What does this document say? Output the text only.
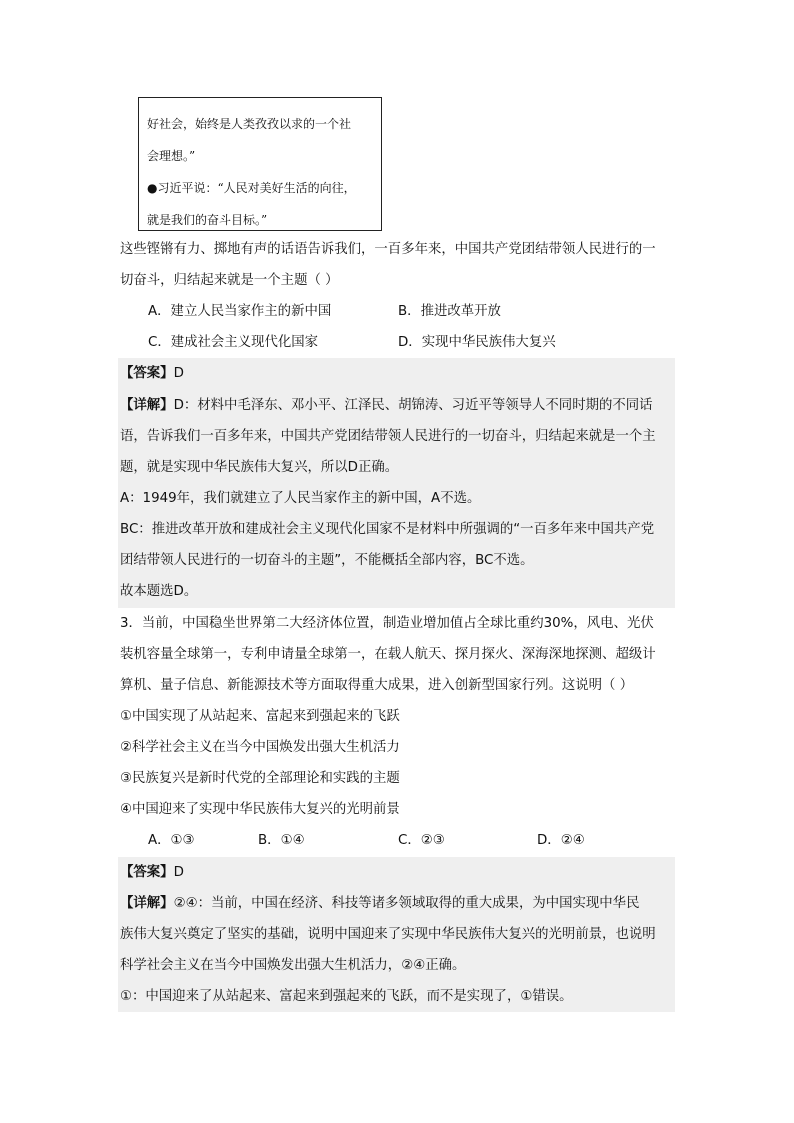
好社会，始终是人类孜孜以求的一个社
会理想。”
●习近平说：“人民对美好生活的向往，
就是我们的奋斗目标。”
这些铿锵有力、掷地有声的话语告诉我们，一百多年来，中国共产党团结带领人民进行的一
切奋斗，归结起来就是一个主题（ ）
A．建立人民当家作主的新中国	B．推进改革开放
C．建成社会主义现代化国家	D．实现中华民族伟大复兴
【答案】D
【详解】D：材料中毛泽东、邓小平、江泽民、胡锦涛、习近平等领导人不同时期的不同话
语，告诉我们一百多年来，中国共产党团结带领人民进行的一切奋斗，归结起来就是一个主
题，就是实现中华民族伟大复兴，所以D正确。
A：1949年，我们就建立了人民当家作主的新中国，A不选。
BC：推进改革开放和建成社会主义现代化国家不是材料中所强调的“一百多年来中国共产党
团结带领人民进行的一切奋斗的主题”，不能概括全部内容，BC不选。
故本题选D。
3．当前，中国稳坐世界第二大经济体位置，制造业增加值占全球比重约30%，风电、光伏
装机容量全球第一，专利申请量全球第一，在载人航天、探月探火、深海深地探测、超级计
算机、量子信息、新能源技术等方面取得重大成果，进入创新型国家行列。这说明（ ）
①中国实现了从站起来、富起来到强起来的飞跃
②科学社会主义在当今中国焕发出强大生机活力
③民族复兴是新时代党的全部理论和实践的主题
④中国迎来了实现中华民族伟大复兴的光明前景
A．①③	B．①④	C．②③	D．②④
【答案】D
【详解】②④：当前，中国在经济、科技等诸多领域取得的重大成果，为中国实现中华民
族伟大复兴奠定了坚实的基础，说明中国迎来了实现中华民族伟大复兴的光明前景，也说明
科学社会主义在当今中国焕发出强大生机活力，②④正确。
①：中国迎来了从站起来、富起来到强起来的飞跃，而不是实现了，①错误。
